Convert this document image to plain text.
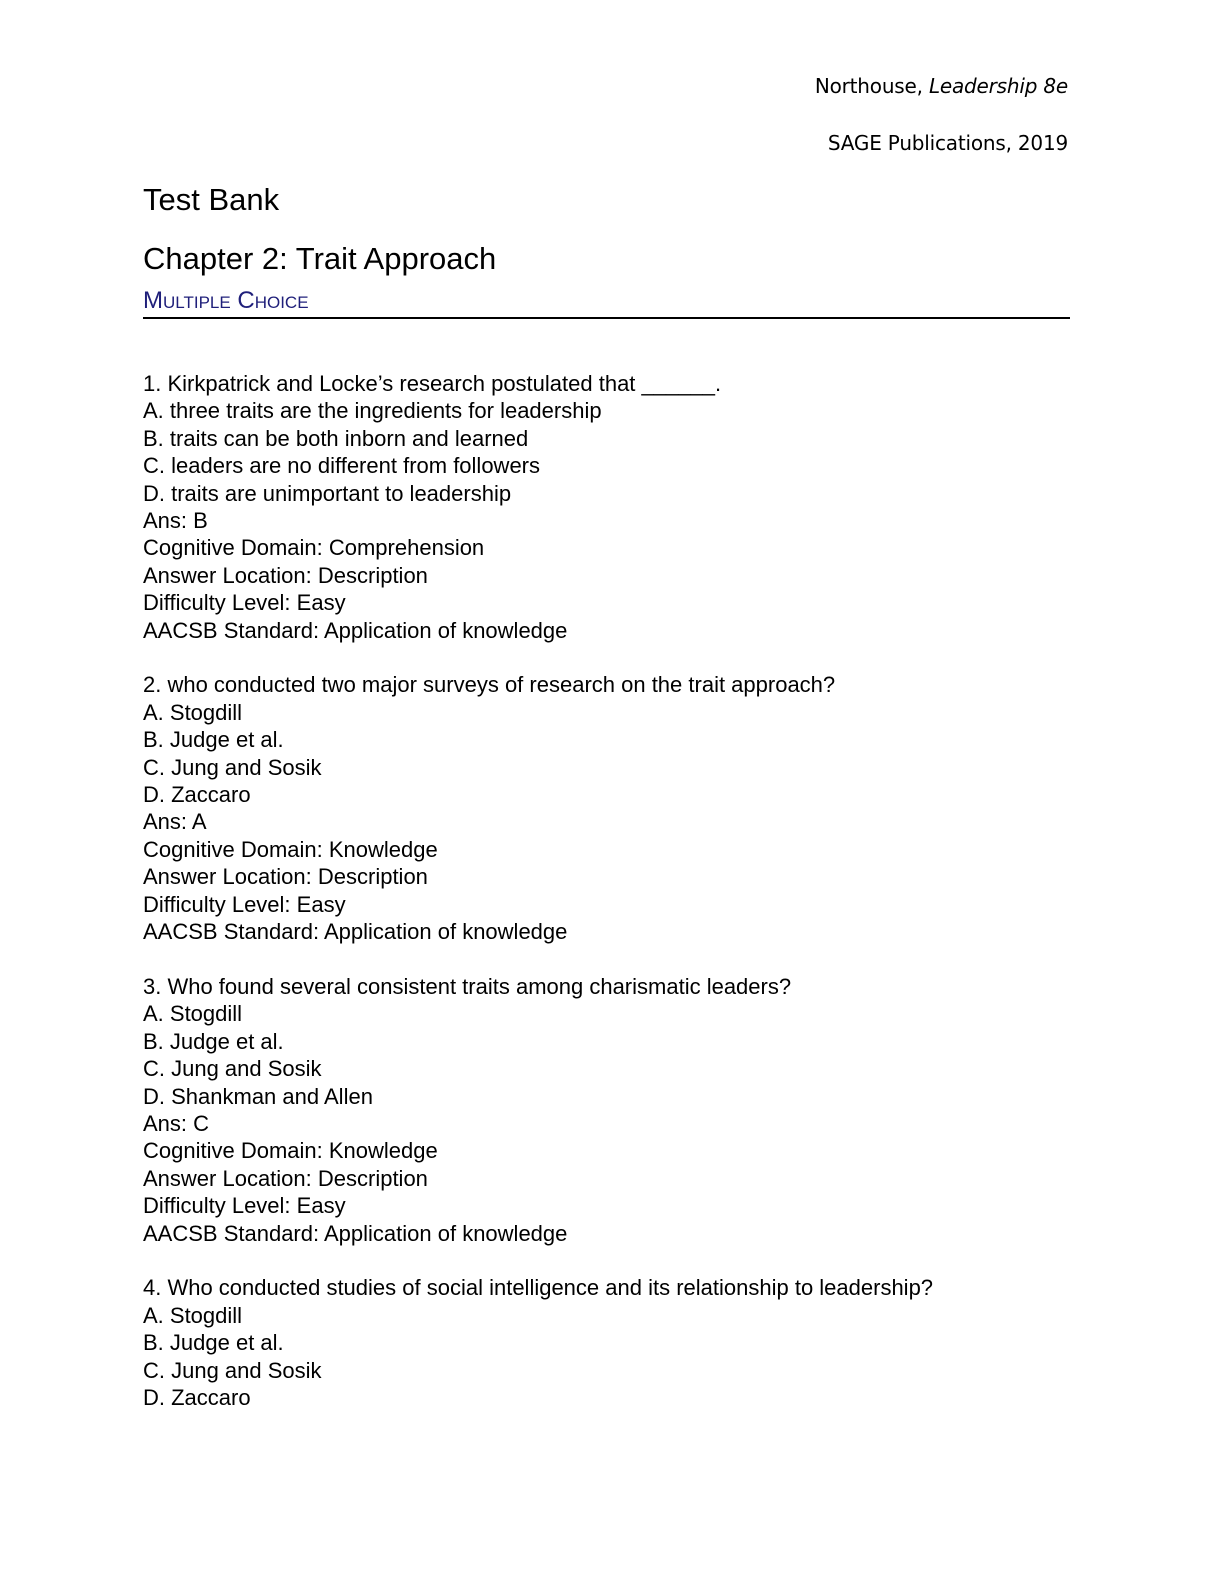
Northouse, Leadership 8e
SAGE Publications, 2019
Test Bank
Chapter 2: Trait Approach
Multiple Choice
1. Kirkpatrick and Locke’s research postulated that ______.
A. three traits are the ingredients for leadership
B. traits can be both inborn and learned
C. leaders are no different from followers
D. traits are unimportant to leadership
Ans: B
Cognitive Domain: Comprehension
Answer Location: Description
Difficulty Level: Easy
AACSB Standard: Application of knowledge
2. who conducted two major surveys of research on the trait approach?
A. Stogdill
B. Judge et al.
C. Jung and Sosik
D. Zaccaro
Ans: A
Cognitive Domain: Knowledge
Answer Location: Description
Difficulty Level: Easy
AACSB Standard: Application of knowledge
3. Who found several consistent traits among charismatic leaders?
A. Stogdill
B. Judge et al.
C. Jung and Sosik
D. Shankman and Allen
Ans: C
Cognitive Domain: Knowledge
Answer Location: Description
Difficulty Level: Easy
AACSB Standard: Application of knowledge
4. Who conducted studies of social intelligence and its relationship to leadership?
A. Stogdill
B. Judge et al.
C. Jung and Sosik
D. Zaccaro
